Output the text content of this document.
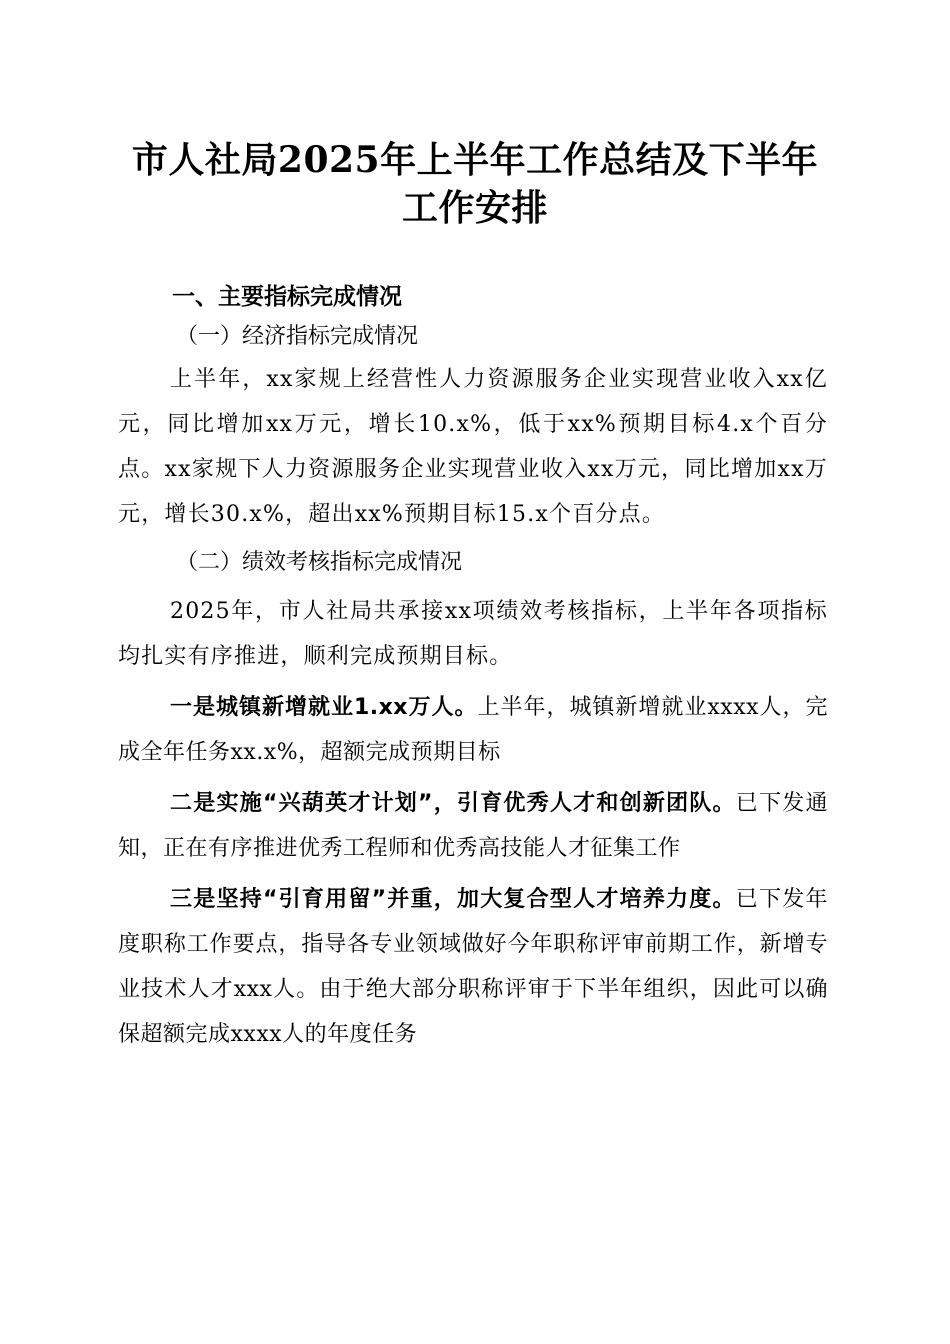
市人社局2025年上半年工作总结及下半年工作安排

一、主要指标完成情况

（一）经济指标完成情况

上半年，xx家规上经营性人力资源服务企业实现营业收入xx亿元，同比增加xx万元，增长10.x%，低于xx%预期目标4.x个百分点。xx家规下人力资源服务企业实现营业收入xx万元，同比增加xx万元，增长30.x%，超出xx%预期目标15.x个百分点。

（二）绩效考核指标完成情况

2025年，市人社局共承接xx项绩效考核指标，上半年各项指标均扎实有序推进，顺利完成预期目标。

一是城镇新增就业1.xx万人。上半年，城镇新增就业xxxx人，完成全年任务xx.x%，超额完成预期目标

二是实施“兴葫英才计划”，引育优秀人才和创新团队。已下发通知，正在有序推进优秀工程师和优秀高技能人才征集工作

三是坚持“引育用留”并重，加大复合型人才培养力度。已下发年度职称工作要点，指导各专业领域做好今年职称评审前期工作，新增专业技术人才xxx人。由于绝大部分职称评审于下半年组织，因此可以确保超额完成xxxx人的年度任务
